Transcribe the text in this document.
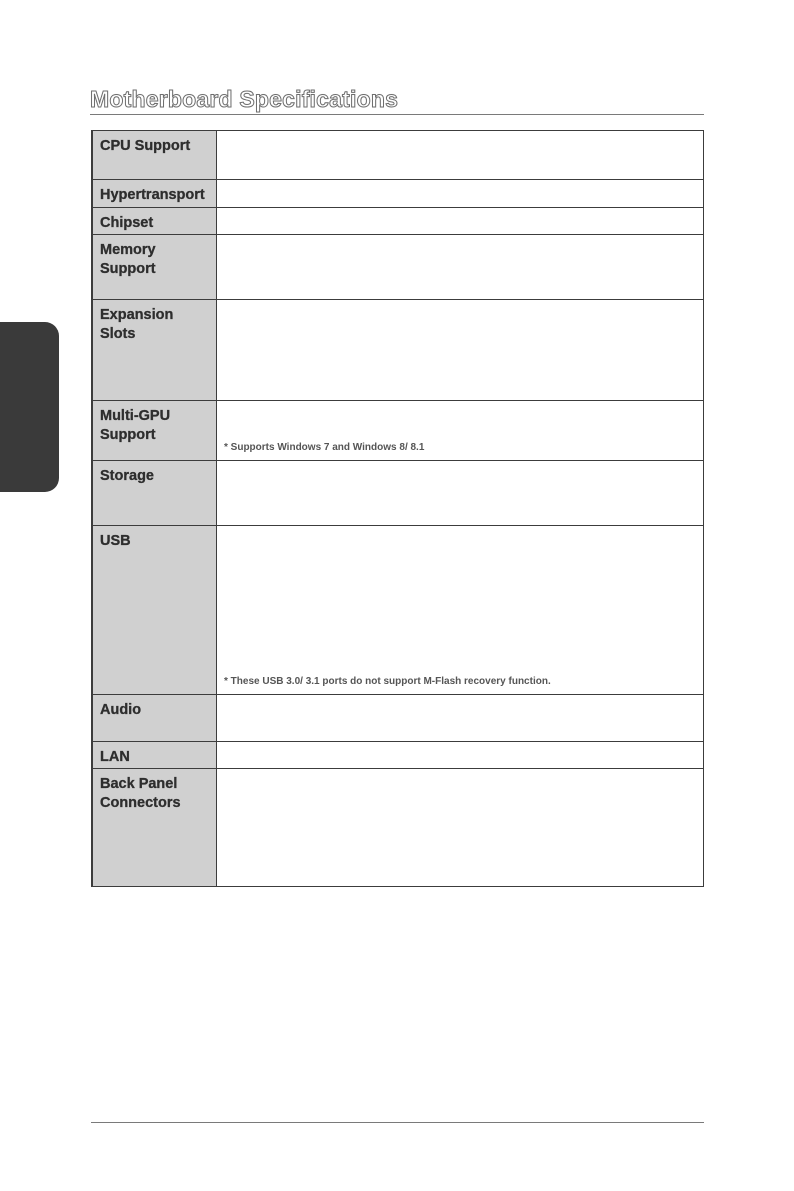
Motherboard Specifications
CPU Support	

Hypertransport	

Chipset	

Memory Support	

Expansion Slots	

Multi-GPU Support	* Supports Windows 7 and Windows 8/ 8.1

Storage	

USB	* These USB 3.0/ 3.1 ports do not support M-Flash recovery function.

Audio	

LAN	

Back Panel Connectors	
